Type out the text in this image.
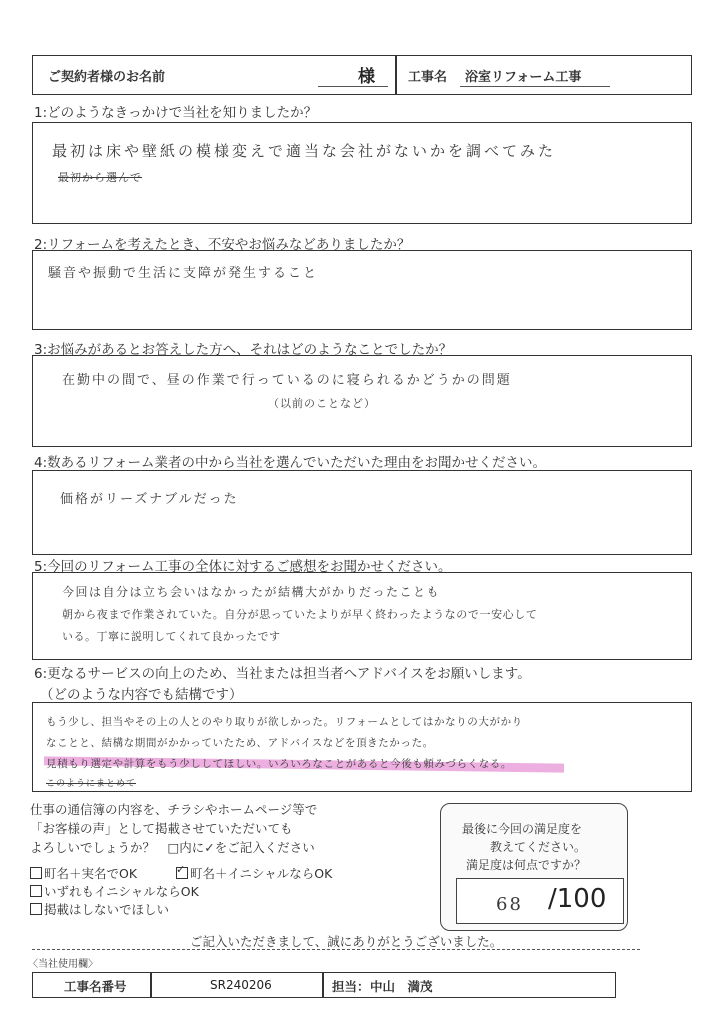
ご契約者様のお名前	様	工事名 浴室リフォーム工事
1:どのようなきっかけで当社を知りましたか？
最初は床や壁紙の模様変えで適当な会社がないかを調べてみた
最初から選んで
2:リフォームを考えたとき、不安やお悩みなどありましたか？
騒音や振動で生活に支障が発生すること
3:お悩みがあるとお答えした方へ、それはどのようなことでしたか？
在勤中の間で、昼の作業で行っているのに寝られるかどうかの問題
（以前のことなど）
4:数あるリフォーム業者の中から当社を選んでいただいた理由をお聞かせください。
価格がリーズナブルだった
5:今回のリフォーム工事の全体に対するご感想をお聞かせください。
今回は自分は立ち会いはなかったが結構大がかりだったことも
朝から夜まで作業されていた。自分が思っていたよりが早く終わったようなので一安心して
いる。丁寧に説明してくれて良かったです
6:更なるサービスの向上のため、当社または担当者へアドバイスをお願いします。
（どのような内容でも結構です）
もう少し、担当やその上の人とのやり取りが欲しかった。リフォームとしてはかなりの大がかり
なことと、結構な期間がかかっていたため、アドバイスなどを頂きたかった。
見積もり選定や計算をもう少ししてほしい。いろいろなことがあると今後も頼みづらくなる。
このようにまとめて
仕事の通信簿の内容を、チラシやホームページ等で
「お客様の声」として掲載させていただいても
よろしいでしょうか？　□内に✓をご記入ください
町名＋実名でOK
✓	町名＋イニシャルならOK
いずれもイニシャルならOK
掲載はしないでほしい
最後に今回の満足度を
教えてください。
満足度は何点ですか？
68 /100
ご記入いただきまして、誠にありがとうございました。
〈当社使用欄〉
工事名番号	SR240206	担当： 中山　満茂
